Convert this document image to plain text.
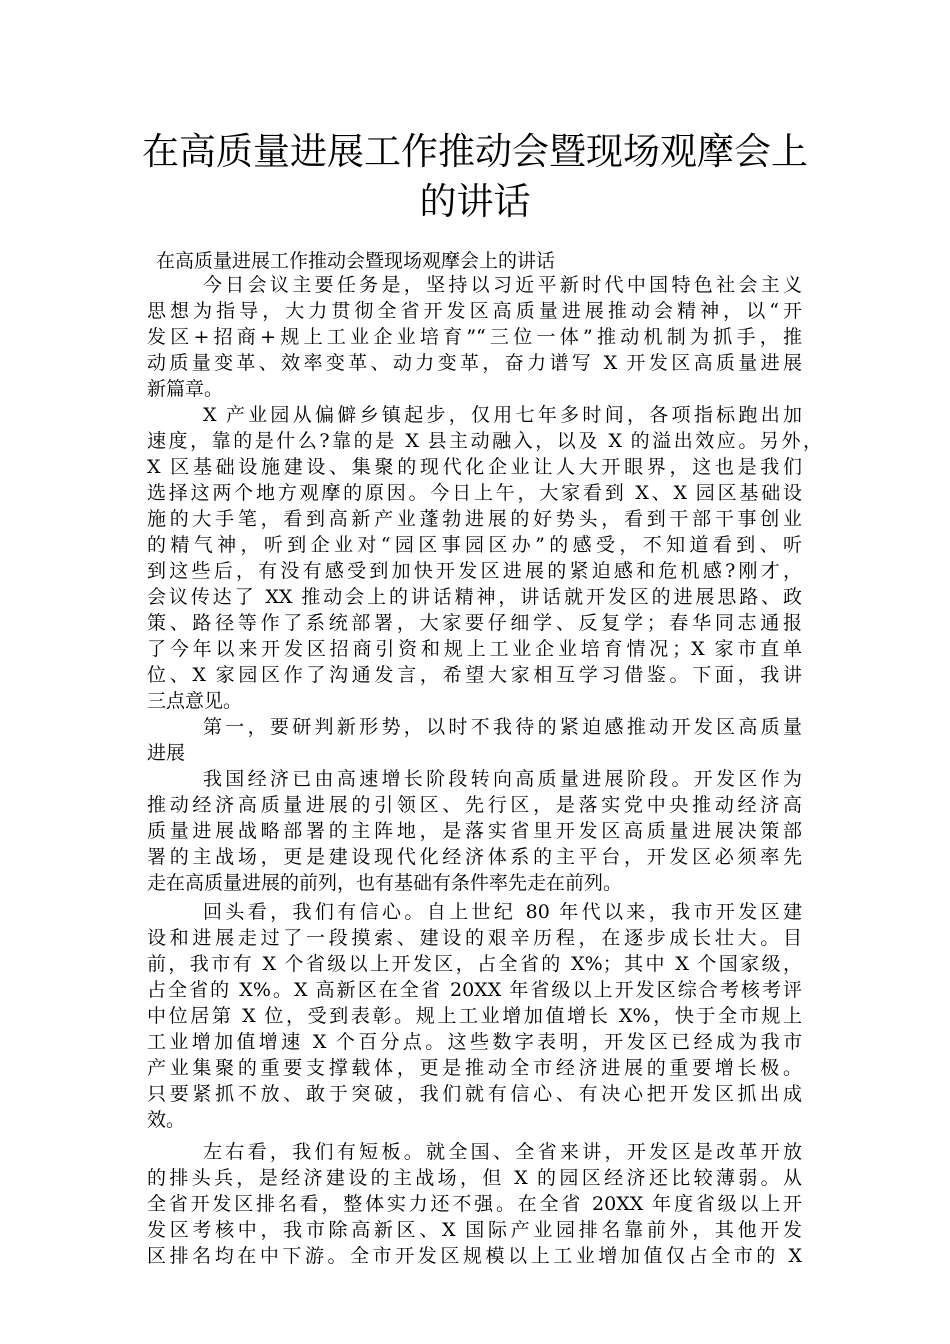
在高质量进展工作推动会暨现场观摩会上
的讲话
在高质量进展工作推动会暨现场观摩会上的讲话
今日会议主要任务是，坚持以习近平新时代中国特色社会主义
思想为指导，大力贯彻全省开发区高质量进展推动会精神，以“开
发区+招商+规上工业企业培育”“三位一体”推动机制为抓手，推
动质量变革、效率变革、动力变革，奋力谱写 X 开发区高质量进展
新篇章。
X 产业园从偏僻乡镇起步，仅用七年多时间，各项指标跑出加
速度，靠的是什么?靠的是 X 县主动融入，以及 X 的溢出效应。另外，
X 区基础设施建设、集聚的现代化企业让人大开眼界，这也是我们
选择这两个地方观摩的原因。今日上午，大家看到 X、X 园区基础设
施的大手笔，看到高新产业蓬勃进展的好势头，看到干部干事创业
的精气神，听到企业对“园区事园区办”的感受，不知道看到、听
到这些后，有没有感受到加快开发区进展的紧迫感和危机感?刚才，
会议传达了 XX 推动会上的讲话精神，讲话就开发区的进展思路、政
策、路径等作了系统部署，大家要仔细学、反复学；春华同志通报
了今年以来开发区招商引资和规上工业企业培育情况；X 家市直单
位、X 家园区作了沟通发言，希望大家相互学习借鉴。下面，我讲
三点意见。
第一，要研判新形势，以时不我待的紧迫感推动开发区高质量
进展
我国经济已由高速增长阶段转向高质量进展阶段。开发区作为
推动经济高质量进展的引领区、先行区，是落实党中央推动经济高
质量进展战略部署的主阵地，是落实省里开发区高质量进展决策部
署的主战场，更是建设现代化经济体系的主平台，开发区必须率先
走在高质量进展的前列，也有基础有条件率先走在前列。
回头看，我们有信心。自上世纪 80 年代以来，我市开发区建
设和进展走过了一段摸索、建设的艰辛历程，在逐步成长壮大。目
前，我市有 X 个省级以上开发区，占全省的 X%；其中 X 个国家级，
占全省的 X%。X 高新区在全省 20XX 年省级以上开发区综合考核考评
中位居第 X 位，受到表彰。规上工业增加值增长 X%，快于全市规上
工业增加值增速 X 个百分点。这些数字表明，开发区已经成为我市
产业集聚的重要支撑载体，更是推动全市经济进展的重要增长极。
只要紧抓不放、敢于突破，我们就有信心、有决心把开发区抓出成
效。
左右看，我们有短板。就全国、全省来讲，开发区是改革开放
的排头兵，是经济建设的主战场，但 X 的园区经济还比较薄弱。从
全省开发区排名看，整体实力还不强。在全省 20XX 年度省级以上开
发区考核中，我市除高新区、X 国际产业园排名靠前外，其他开发
区排名均在中下游。全市开发区规模以上工业增加值仅占全市的 X
